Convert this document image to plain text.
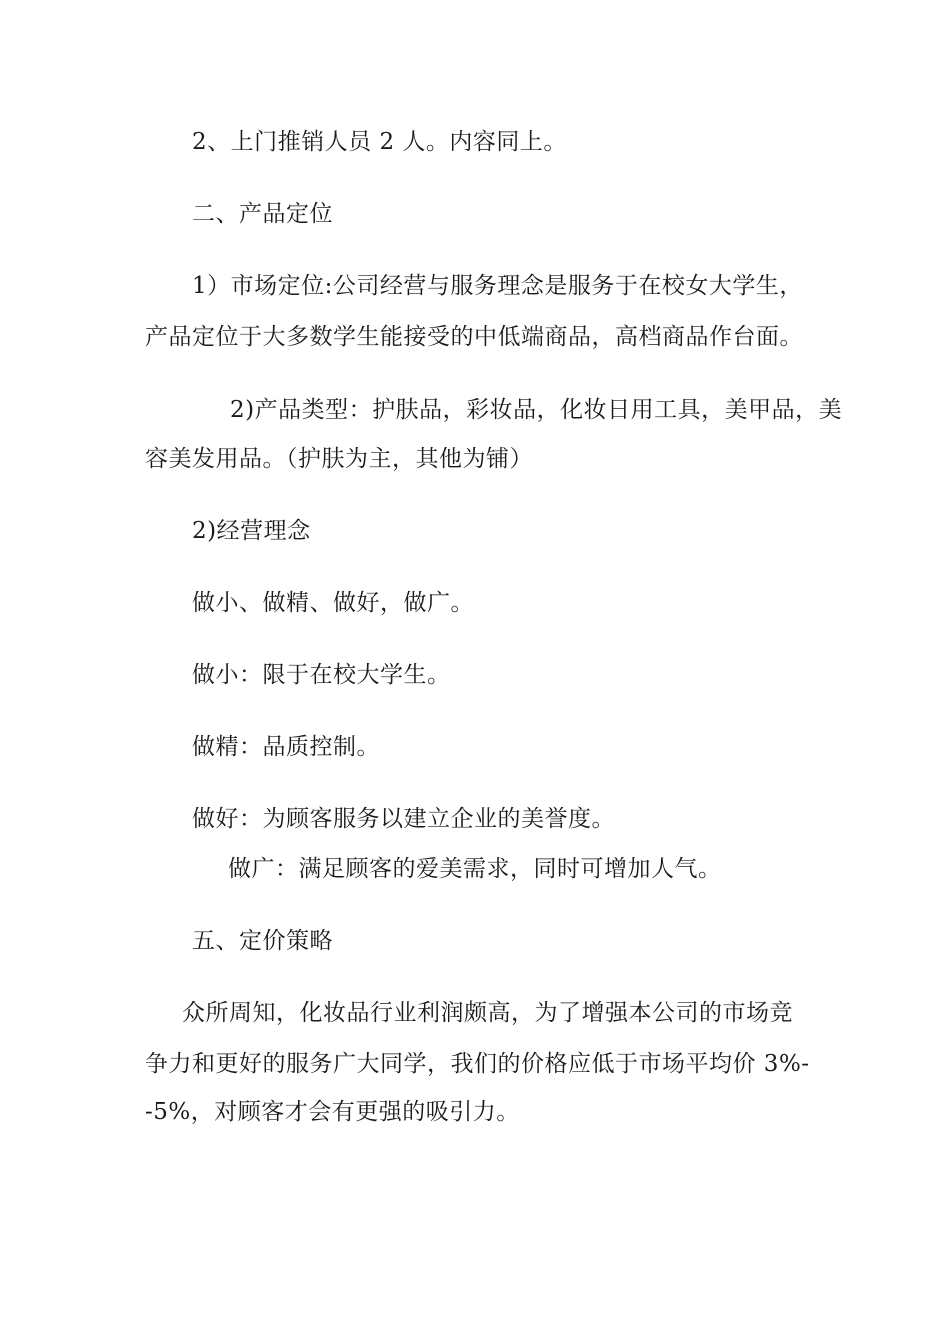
2、上门推销人员 2 人。内容同上。
二、产品定位
1）市场定位:公司经营与服务理念是服务于在校女大学生，
产品定位于大多数学生能接受的中低端商品，高档商品作台面。
2)产品类型：护肤品，彩妆品，化妆日用工具，美甲品，美
容美发用品。（护肤为主，其他为铺）
2)经营理念
做小、做精、做好，做广。
做小：限于在校大学生。
做精：品质控制。
做好：为顾客服务以建立企业的美誉度。
做广：满足顾客的爱美需求，同时可增加人气。
五、定价策略
众所周知，化妆品行业利润颇高，为了增强本公司的市场竞
争力和更好的服务广大同学，我们的价格应低于市场平均价 3%-
-5%，对顾客才会有更强的吸引力。
